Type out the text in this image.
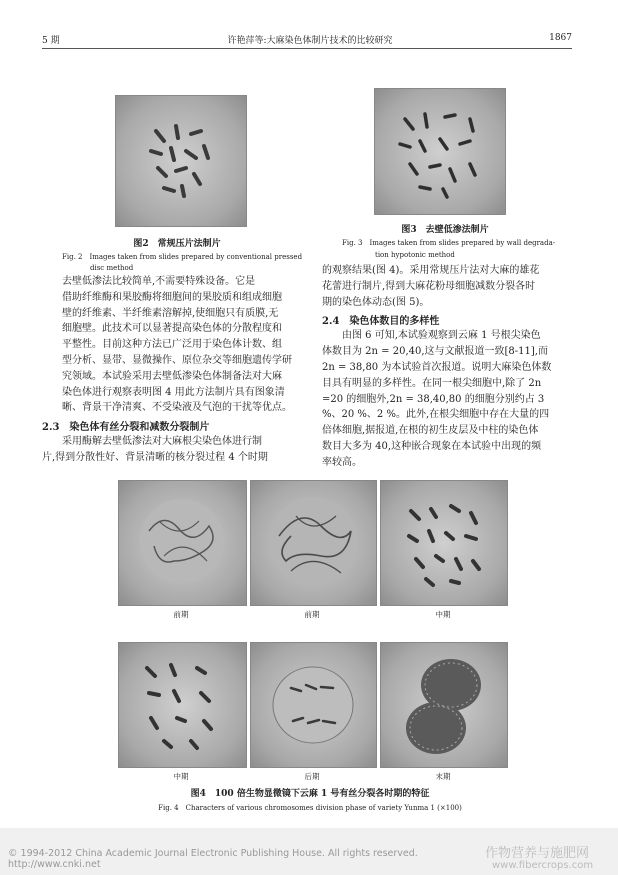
5 期	许艳萍等:大麻染色体制片技术的比较研究	1867
图2　常规压片法制片
Fig. 2　Images taken from slides prepared by conventional pressed
disc method
图3　去壁低渗法制片
Fig. 3　Images taken from slides prepared by wall degrada-
tion hypotonic method
去壁低渗法比较简单,不需要特殊设备。它是
借助纤维酶和果胶酶将细胞间的果胶质和组成细胞
壁的纤维素、半纤维素溶解掉,使细胞只有质膜,无
细胞壁。此技术可以显著提高染色体的分散程度和
平整性。目前这种方法已广泛用于染色体计数、组
型分析、显带、显微操作、原位杂交等细胞遗传学研
究领域。本试验采用去壁低渗染色体制备法对大麻
染色体进行观察表明图 4 用此方法制片具有图象清
晰、背景干净清爽、不受染液及气泡的干扰等优点。
2.3　染色体有丝分裂和减数分裂制片
采用酶解去壁低渗法对大麻根尖染色体进行制
片,得到分散性好、背景清晰的核分裂过程 4 个时期
的观察结果(图 4)。采用常规压片法对大麻的雄花
花蕾进行制片,得到大麻花粉母细胞减数分裂各时
期的染色体动态(图 5)。
2.4　染色体数目的多样性
由图 6 可知,本试验观察到云麻 1 号根尖染色
体数目为 2n = 20,40,这与文献报道一致[8-11],而
2n = 38,80 为本试验首次报道。说明大麻染色体数
目具有明显的多样性。在同一根尖细胞中,除了 2n
=20 的细胞外,2n = 38,40,80 的细胞分别约占 3
%、20 %、2 %。此外,在根尖细胞中存在大量的四
倍体细胞,据报道,在根的初生皮层及中柱的染色体
数目大多为 40,这种嵌合现象在本试验中出现的频
率较高。
前期	前期	中期
中期	后期	末期
图4　100 倍生物显微镜下云麻 1 号有丝分裂各时期的特征
Fig. 4　Characters of various chromosomes division phase of variety Yunma 1 (×100)
© 1994-2012 China Academic Journal Electronic Publishing House. All rights reserved.　http://www.cnki.net
作物营养与施肥网
www.fibercrops.com
